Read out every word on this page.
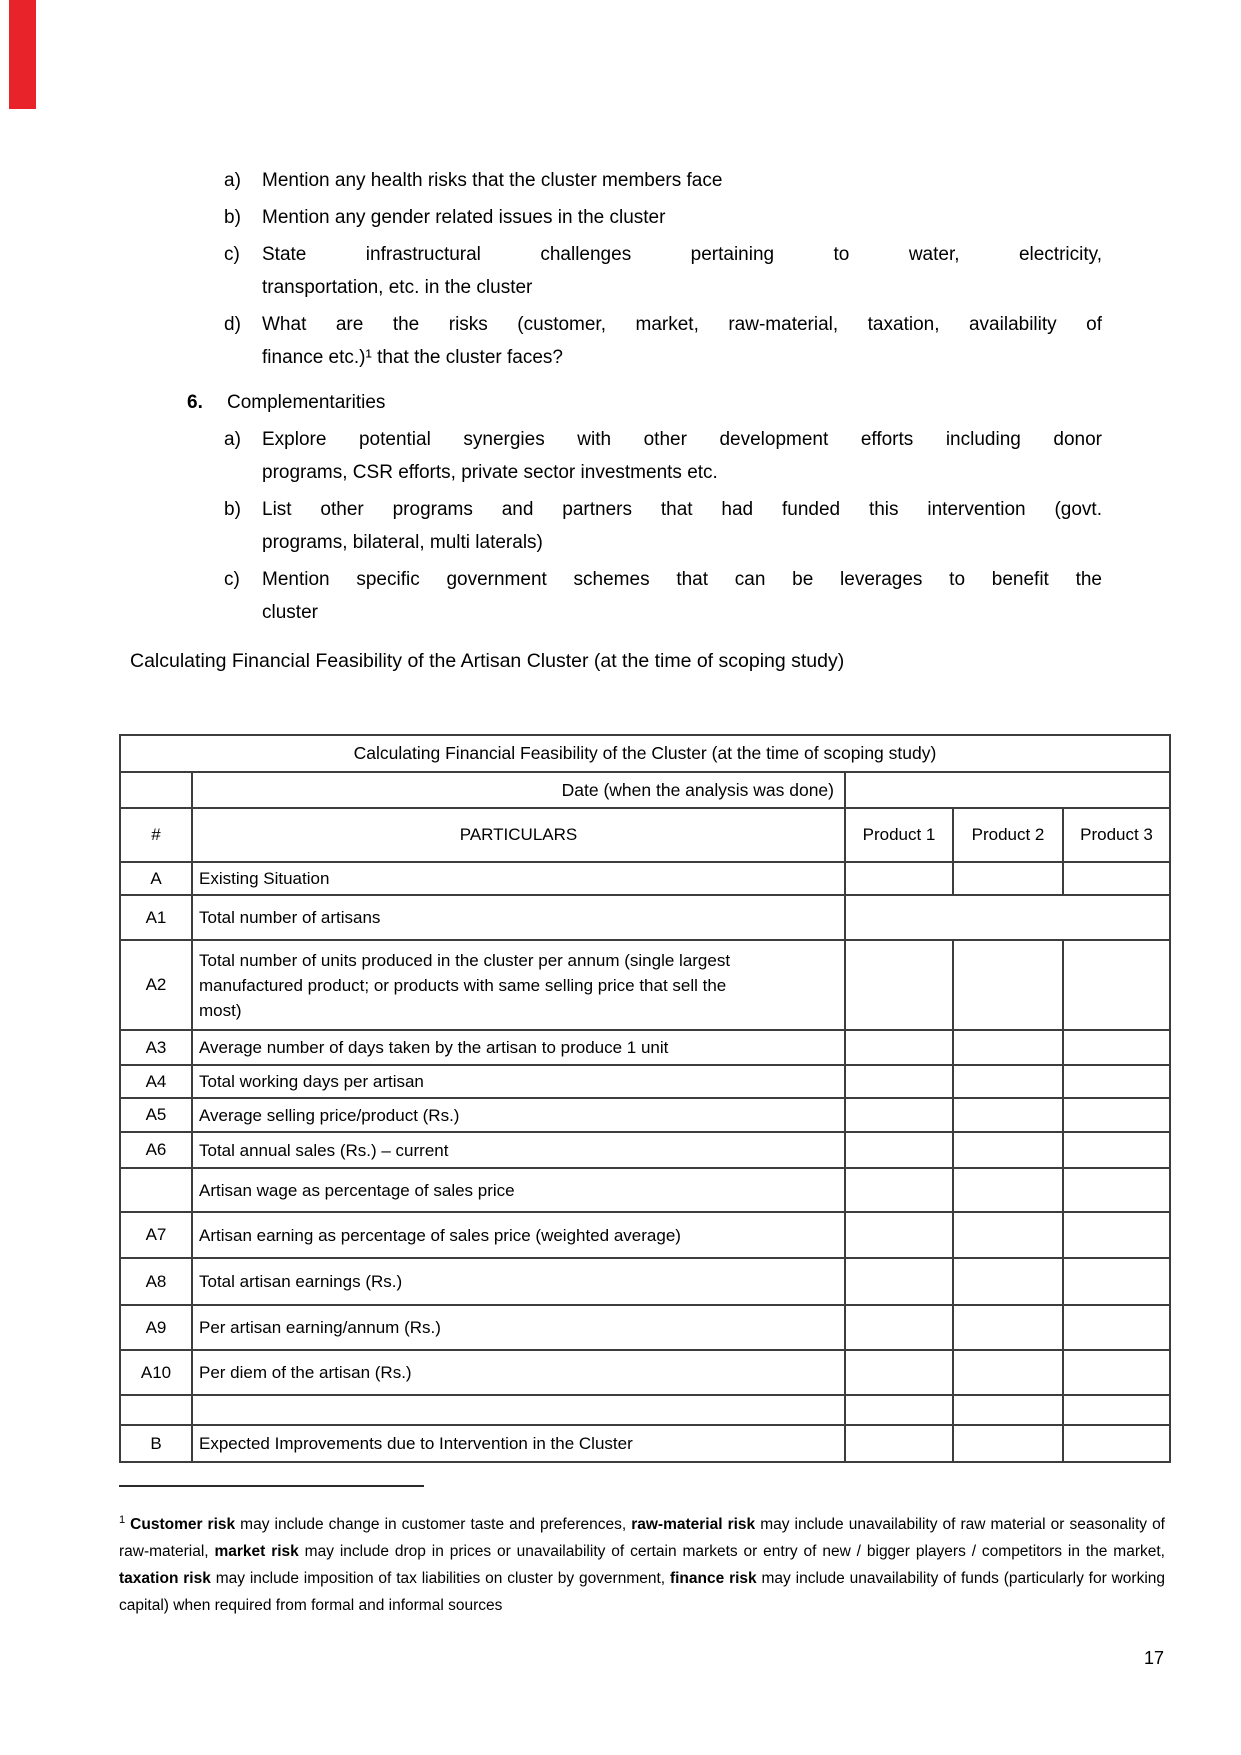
a)	Mention any health risks that the cluster members face
b)	Mention any gender related issues in the cluster
c)	State infrastructural challenges pertaining to water, electricity,
transportation, etc. in the cluster
d)	What are the risks (customer, market, raw-material, taxation, availability of
finance etc.)¹ that the cluster faces?
6. Complementarities
a)	Explore potential synergies with other development efforts including donor
programs, CSR efforts, private sector investments etc.
b)	List other programs and partners that had funded this intervention (govt.
programs, bilateral, multi laterals)
c)	Mention specific government schemes that can be leverages to benefit the
cluster
Calculating Financial Feasibility of the Artisan Cluster (at the time of scoping study)
Calculating Financial Feasibility of the Cluster (at the time of scoping study)				
	Date (when the analysis was done)			
#	PARTICULARS	Product 1	Product 2	Product 3
A	Existing Situation			

A1	Total number of artisans			

A2	Total number of units produced in the cluster per annum (single largest manufactured product; or products with same selling price that sell the most)			

A3	Average number of days taken by the artisan to produce 1 unit			

A4	Total working days per artisan			

A5	Average selling price/product (Rs.)			

A6	Total annual sales (Rs.) – current			

	Artisan wage as percentage of sales price			

A7	Artisan earning as percentage of sales price (weighted average)			

A8	Total artisan earnings (Rs.)			

A9	Per artisan earning/annum (Rs.)			

A10	Per diem of the artisan (Rs.)			

B	Expected Improvements due to Intervention in the Cluster			

$^1$ Customer risk may include change in customer taste and preferences, raw-material risk may include unavailability of raw material or seasonality of raw-material, market risk may include drop in prices or unavailability of certain markets or entry of new / bigger players / competitors in the market, taxation risk may include imposition of tax liabilities on cluster by government, finance risk may include unavailability of funds (particularly for working capital) when required from formal and informal sources
17
